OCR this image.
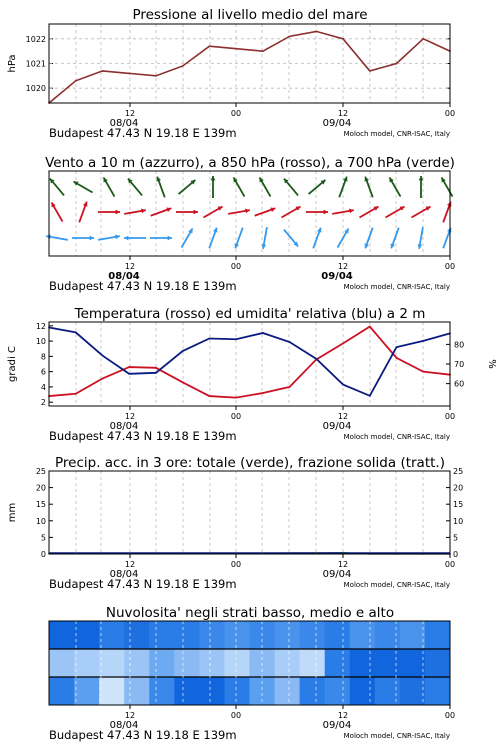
Pressione al livello medio del mare
1020
1021
1022
hPa
12	00	12	00
08/04	09/04
Budapest 47.43 N 19.18 E 139m	Moloch model, CNR-ISAC, Italy
Vento a 10 m (azzurro), a 850 hPa (rosso), a 700 hPa (verde)
12	00	12	00
08/04	09/04
Budapest 47.43 N 19.18 E 139m	Moloch model, CNR-ISAC, Italy
Temperatura (rosso) ed umidita' relativa (blu) a 2 m
2
4
6
8
10
12
60
70
80
gradi C	%
12	00	12	00
08/04	09/04
Budapest 47.43 N 19.18 E 139m	Moloch model, CNR-ISAC, Italy
Precip. acc. in 3 ore: totale (verde), frazione solida (tratt.)
0	0
5	5
10	10
15	15
20	20
25	25
mm
12	00	12	00
08/04	09/04
Budapest 47.43 N 19.18 E 139m	Moloch model, CNR-ISAC, Italy
Nuvolosita' negli strati basso, medio e alto
12	00	12	00
08/04	09/04
Budapest 47.43 N 19.18 E 139m	Moloch model, CNR-ISAC, Italy
